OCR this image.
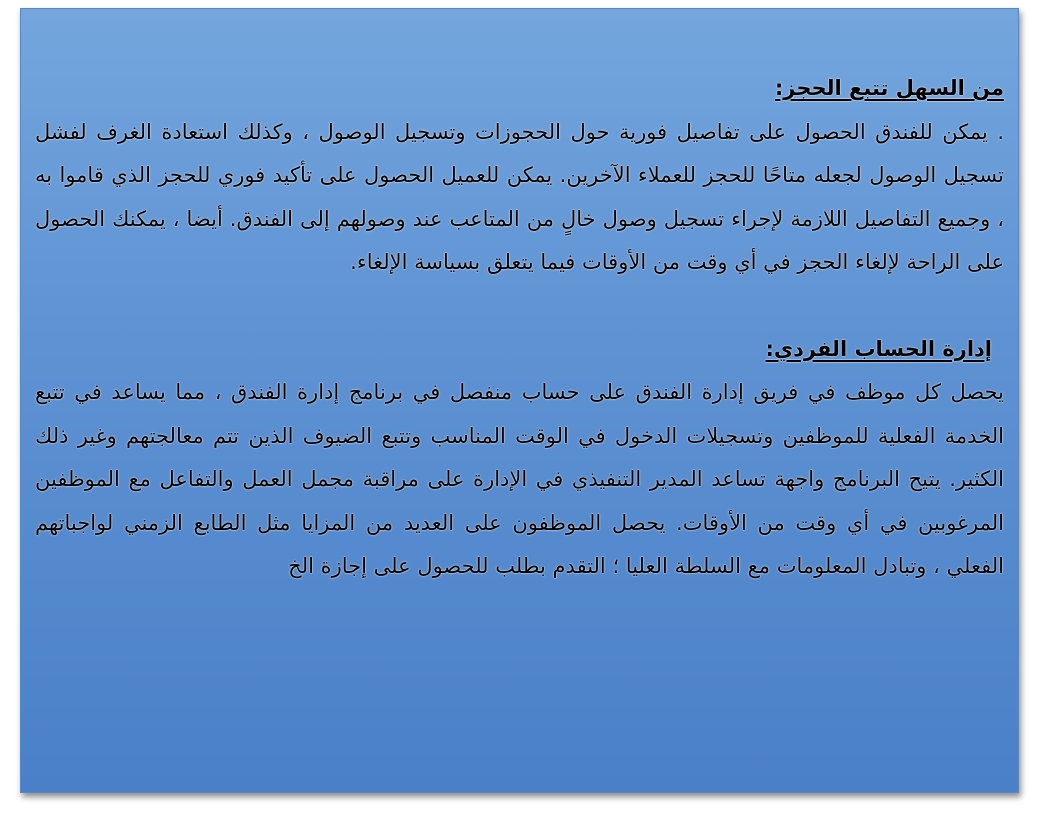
من السهل تتبع الحجز:

. يمكن للفندق الحصول على تفاصيل فورية حول الحجوزات وتسجيل الوصول ، وكذلك استعادة الغرف لفشل تسجيل الوصول لجعله متاحًا للحجز للعملاء الآخرين. يمكن للعميل الحصول على تأكيد فوري للحجز الذي قاموا به ، وجميع التفاصيل اللازمة لإجراء تسجيل وصول خالٍ من المتاعب عند وصولهم إلى الفندق. أيضا ، يمكنك الحصول على الراحة لإلغاء الحجز في أي وقت من الأوقات فيما يتعلق بسياسة الإلغاء.

إدارة الحساب الفردي:

يحصل كل موظف في فريق إدارة الفندق على حساب منفصل في برنامج إدارة الفندق ، مما يساعد في تتبع الخدمة الفعلية للموظفين وتسجيلات الدخول في الوقت المناسب وتتبع الضيوف الذين تتم معالجتهم وغير ذلك الكثير. يتيح البرنامج واجهة تساعد المدير التنفيذي في الإدارة على مراقبة مجمل العمل والتفاعل مع الموظفين المرغوبين في أي وقت من الأوقات. يحصل الموظفون على العديد من المزايا مثل الطابع الزمني لواجباتهم الفعلي ، وتبادل المعلومات مع السلطة العليا ؛ التقدم بطلب للحصول على إجازة الخ
